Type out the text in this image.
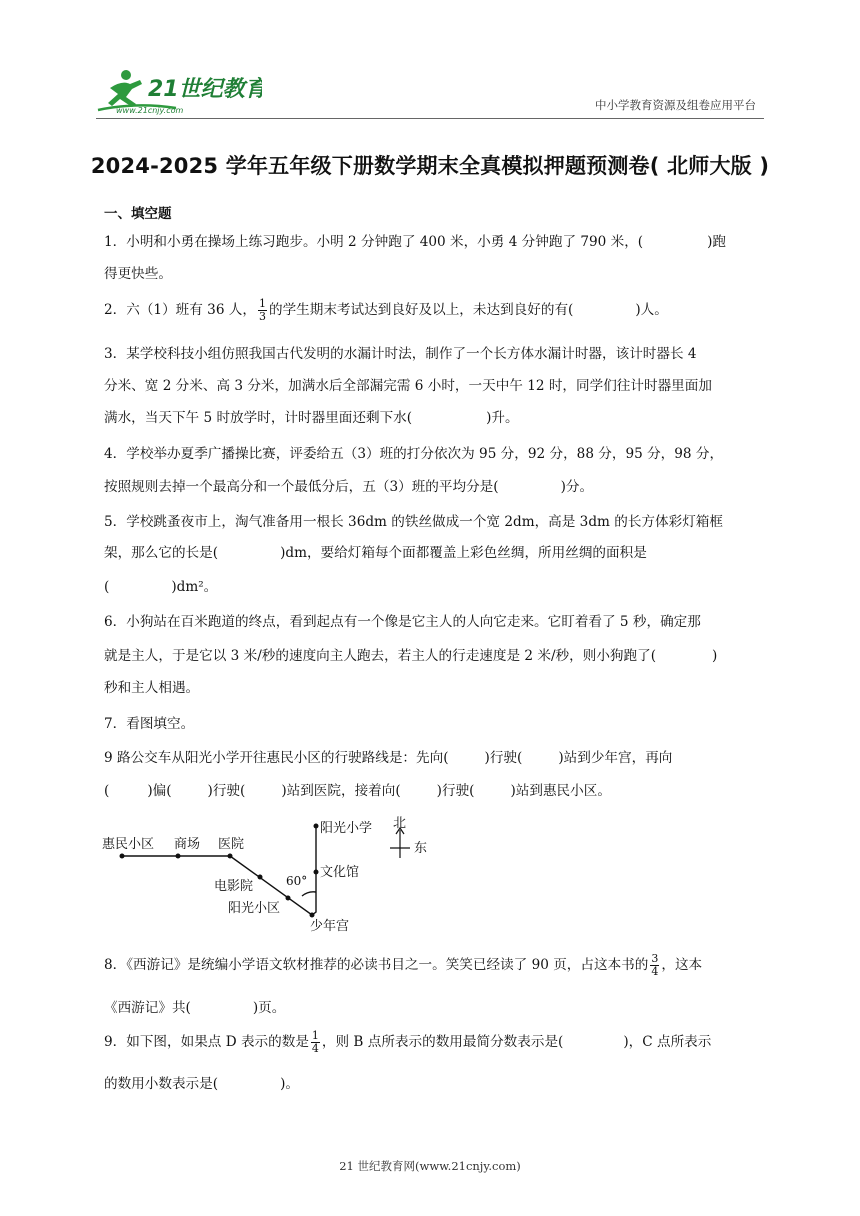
21世纪教育
www.21cnjy.com	中小学教育资源及组卷应用平台
2024-2025 学年五年级下册数学期末全真模拟押题预测卷( 北师大版 )
一、填空题
1．小明和小勇在操场上练习跑步。小明 2 分钟跑了 400 米，小勇 4 分钟跑了 790 米，(	)跑
得更快些。
2．六（1）班有 36 人， $\frac{1}{3}$ 的学生期末考试达到良好及以上，未达到良好的有(	)人。
3．某学校科技小组仿照我国古代发明的水漏计时法，制作了一个长方体水漏计时器，该计时器长 4
分米、宽 2 分米、高 3 分米，加满水后全部漏完需 6 小时，一天中午 12 时，同学们往计时器里面加
满水，当天下午 5 时放学时，计时器里面还剩下水(	)升。
4．学校举办夏季广播操比赛，评委给五（3）班的打分依次为 95 分，92 分，88 分，95 分，98 分，
按照规则去掉一个最高分和一个最低分后，五（3）班的平均分是(	)分。
5．学校跳蚤夜市上，淘气准备用一根长 36dm 的铁丝做成一个宽 2dm，高是 3dm 的长方体彩灯箱框
架，那么它的长是(	)dm，要给灯箱每个面都覆盖上彩色丝绸，所用丝绸的面积是
(	)dm²。
6．小狗站在百米跑道的终点，看到起点有一个像是它主人的人向它走来。它盯着看了 5 秒，确定那
就是主人，于是它以 3 米/秒的速度向主人跑去，若主人的行走速度是 2 米/秒，则小狗跑了(	)
秒和主人相遇。
7．看图填空。
9 路公交车从阳光小学开往惠民小区的行驶路线是：先向(	)行驶(	)站到少年宫，再向
(	)偏(	)行驶(	)站到医院，接着向(	)行驶(	)站到惠民小区。
惠民小区 商场 医院
电影院
阳光小区
少年宫
文化馆
阳光小学
60°
北
东
8．《西游记》是统编小学语文软材推荐的必读书目之一。笑笑已经读了 90 页，占这本书的 $\frac{3}{4}$ ，这本
《西游记》共(	)页。
9．如下图，如果点 D 表示的数是 $\frac{1}{4}$ ，则 B 点所表示的数用最简分数表示是(	)，C 点所表示
的数用小数表示是(	)。
21 世纪教育网(www.21cnjy.com)
